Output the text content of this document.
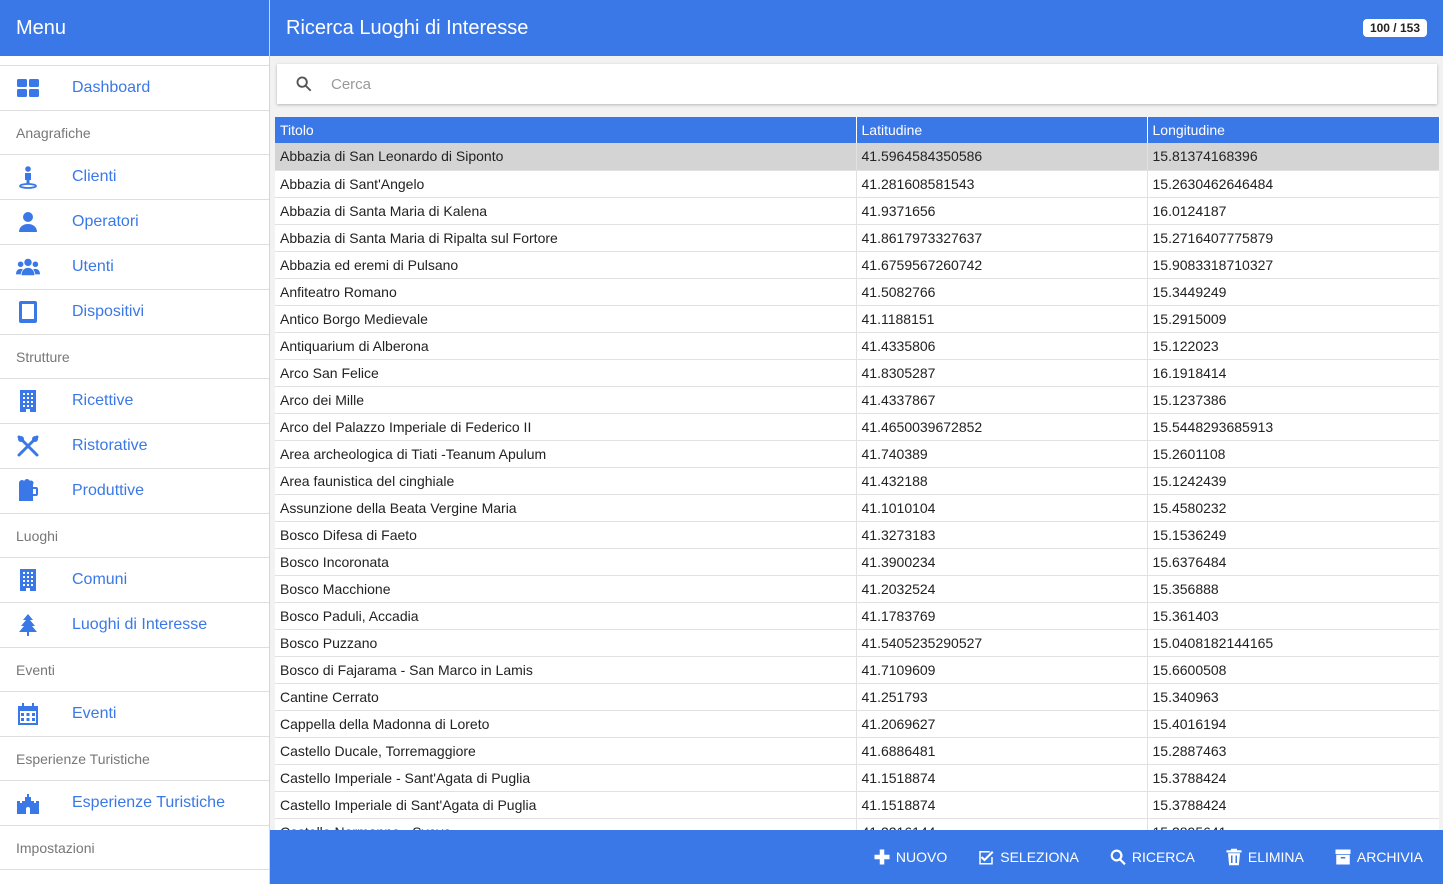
Menu
Dashboard
Anagrafiche
Clienti
Operatori
Utenti
Dispositivi
Strutture
Ricettive
Ristorative
Produttive
Luoghi
Comuni
Luoghi di Interesse
Eventi
Eventi
Esperienze Turistiche
Esperienze Turistiche
Impostazioni
Ricerca Luoghi di Interesse	100 / 153
Cerca
Titolo	Latitudine	Longitudine
Abbazia di San Leonardo di Siponto	41.5964584350586	15.81374168396
Abbazia di Sant'Angelo	41.281608581543	15.2630462646484
Abbazia di Santa Maria di Kalena	41.9371656	16.0124187
Abbazia di Santa Maria di Ripalta sul Fortore	41.8617973327637	15.2716407775879
Abbazia ed eremi di Pulsano	41.6759567260742	15.9083318710327
Anfiteatro Romano	41.5082766	15.3449249
Antico Borgo Medievale	41.1188151	15.2915009
Antiquarium di Alberona	41.4335806	15.122023
Arco San Felice	41.8305287	16.1918414
Arco dei Mille	41.4337867	15.1237386
Arco del Palazzo Imperiale di Federico II	41.4650039672852	15.5448293685913
Area archeologica di Tiati -Teanum Apulum	41.740389	15.2601108
Area faunistica del cinghiale	41.432188	15.1242439
Assunzione della Beata Vergine Maria	41.1010104	15.4580232
Bosco Difesa di Faeto	41.3273183	15.1536249
Bosco Incoronata	41.3900234	15.6376484
Bosco Macchione	41.2032524	15.356888
Bosco Paduli, Accadia	41.1783769	15.361403
Bosco Puzzano	41.5405235290527	15.0408182144165
Bosco di Fajarama - San Marco in Lamis	41.7109609	15.6600508
Cantine Cerrato	41.251793	15.340963
Cappella della Madonna di Loreto	41.2069627	15.4016194
Castello Ducale, Torremaggiore	41.6886481	15.2887463
Castello Imperiale - Sant'Agata di Puglia	41.1518874	15.3788424
Castello Imperiale di Sant'Agata di Puglia	41.1518874	15.3788424

NUOVO	SELEZIONA	RICERCA	ELIMINA	ARCHIVIA
